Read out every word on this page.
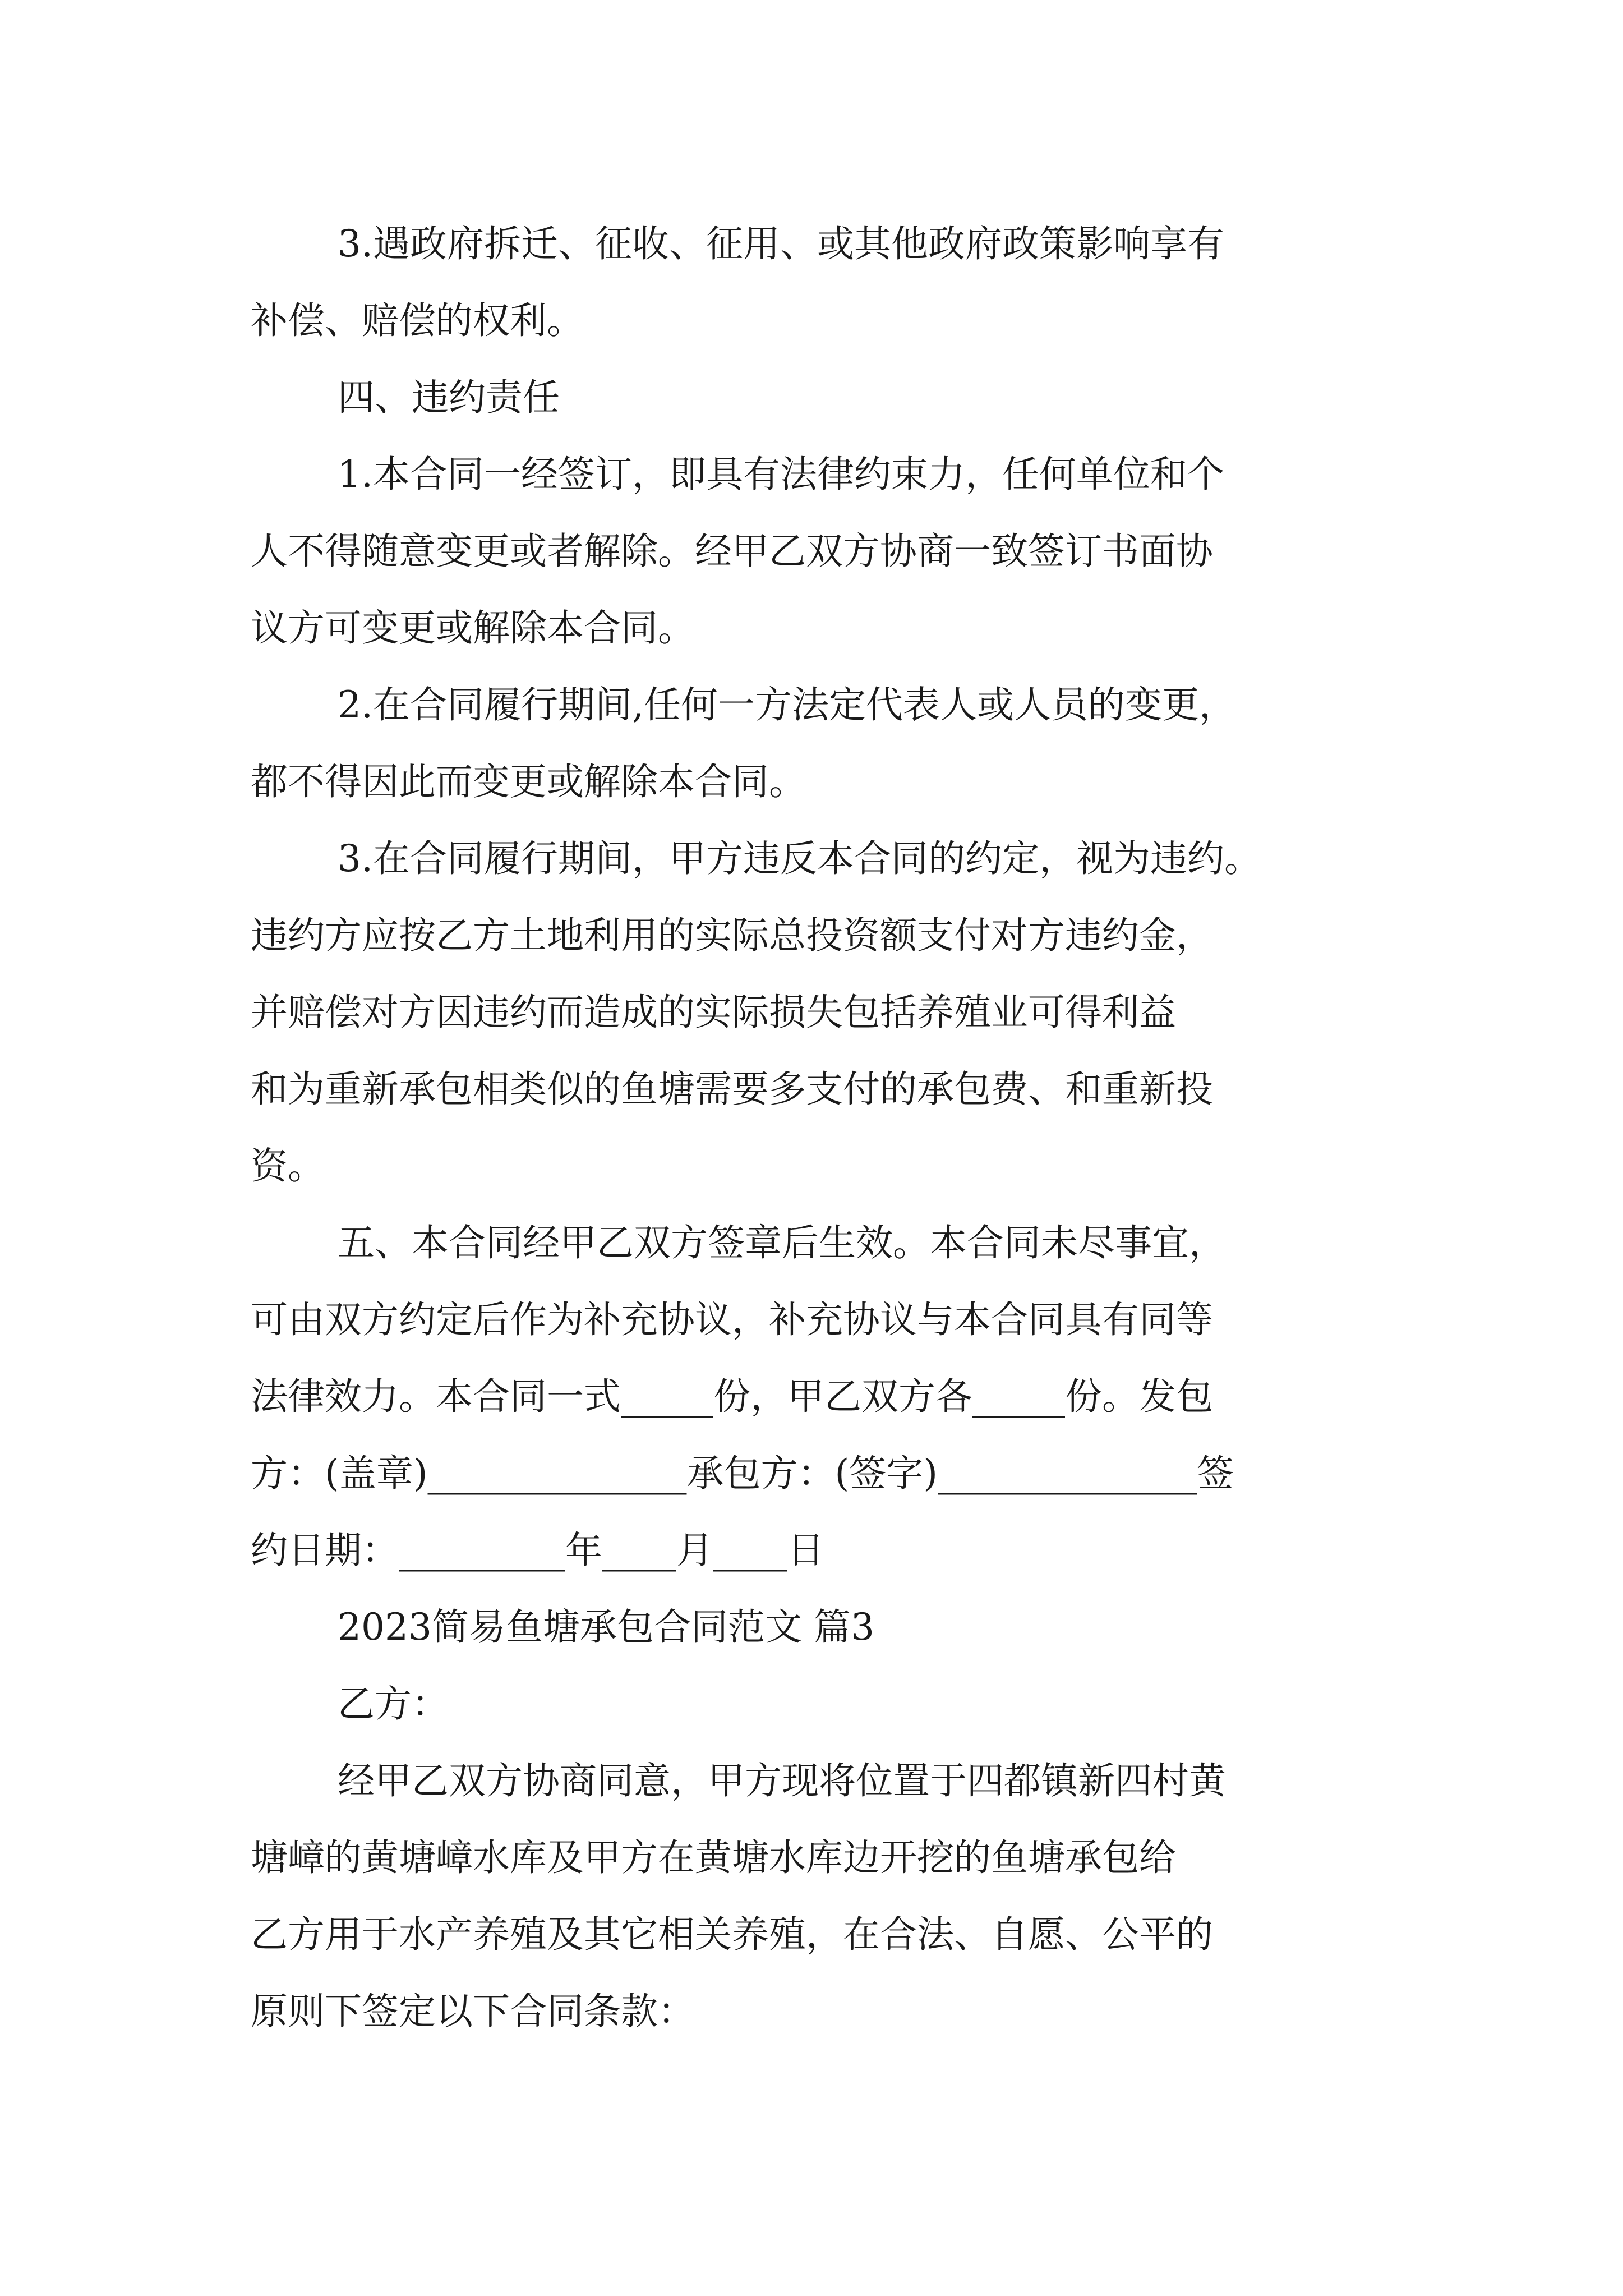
3.遇政府拆迁、征收、征用、或其他政府政策影响享有

补偿、赔偿的权利。

四、违约责任

1.本合同一经签订，即具有法律约束力，任何单位和个

人不得随意变更或者解除。经甲乙双方协商一致签订书面协

议方可变更或解除本合同。

2.在合同履行期间,任何一方法定代表人或人员的变更，

都不得因此而变更或解除本合同。

3.在合同履行期间，甲方违反本合同的约定，视为违约。

违约方应按乙方土地利用的实际总投资额支付对方违约金，

并赔偿对方因违约而造成的实际损失包括养殖业可得利益

和为重新承包相类似的鱼塘需要多支付的承包费、和重新投

资。

五、本合同经甲乙双方签章后生效。本合同未尽事宜，

可由双方约定后作为补充协议，补充协议与本合同具有同等

法律效力。本合同一式_____份，甲乙双方各_____份。发包

方：(盖章)______________承包方：(签字)______________签

约日期：_________年____月____日

2023简易鱼塘承包合同范文 篇3

乙方：

经甲乙双方协商同意，甲方现将位置于四都镇新四村黄

塘嶂的黄塘嶂水库及甲方在黄塘水库边开挖的鱼塘承包给

乙方用于水产养殖及其它相关养殖，在合法、自愿、公平的

原则下签定以下合同条款：
